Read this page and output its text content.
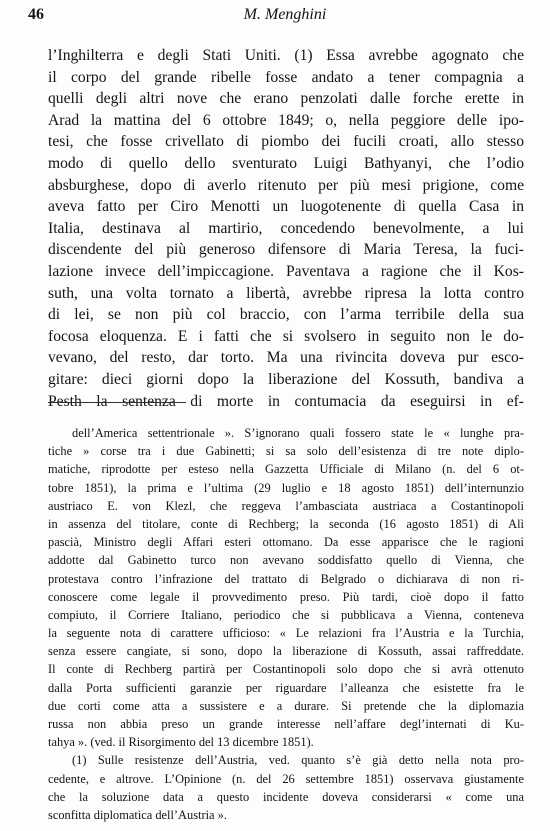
46	M. Menghini
l’Inghilterra e degli Stati Uniti. (1) Essa avrebbe agognato che
il corpo del grande ribelle fosse andato a tener compagnia a
quelli degli altri nove che erano penzolati dalle forche erette in
Arad la mattina del 6 ottobre 1849; o, nella peggiore delle ipo-
tesi, che fosse crivellato di piombo dei fucili croati, allo stesso
modo di quello dello sventurato Luigi Bathyanyi, che l’odio
absburghese, dopo di averlo ritenuto per più mesi prigione, come
aveva fatto per Ciro Menotti un luogotenente di quella Casa in
Italia, destinava al martirio, concedendo benevolmente, a lui
discendente del più generoso difensore di Maria Teresa, la fuci-
lazione invece dell’impiccagione. Paventava a ragione che il Kos-
suth, una volta tornato a libertà, avrebbe ripresa la lotta contro
di lei, se non più col braccio, con l’arma terribile della sua
focosa eloquenza. E i fatti che si svolsero in seguito non le do-
vevano, del resto, dar torto. Ma una rivincita doveva pur esco-
gitare: dieci giorni dopo la liberazione del Kossuth, bandiva a
Pesth la sentenza di morte in contumacia da eseguirsi in ef-
dell’America settentrionale ». S’ignorano quali fossero state le « lunghe pra-
tiche » corse tra i due Gabinetti; si sa solo dell’esistenza di tre note diplo-
matiche, riprodotte per esteso nella Gazzetta Ufficiale di Milano (n. del 6 ot-
tobre 1851), la prima e l’ultima (29 luglio e 18 agosto 1851) dell’internunzio
austriaco E. von Klezl, che reggeva l’ambasciata austriaca a Costantinopoli
in assenza del titolare, conte di Rechberg; la seconda (16 agosto 1851) di Alì
pascià, Ministro degli Affari esteri ottomano. Da esse apparisce che le ragioni
addotte dal Gabinetto turco non avevano soddisfatto quello di Vienna, che
protestava contro l’infrazione del trattato di Belgrado o dichiarava di non ri-
conoscere come legale il provvedimento preso. Più tardi, cioè dopo il fatto
compiuto, il Corriere Italiano, periodico che si pubblicava a Vienna, conteneva
la seguente nota di carattere ufficioso: « Le relazioni fra l’Austria e la Turchia,
senza essere cangiate, si sono, dopo la liberazione di Kossuth, assai raffreddate.
Il conte di Rechberg partirà per Costantinopoli solo dopo che si avrà ottenuto
dalla Porta sufficienti garanzie per riguardare l’alleanza che esistette fra le
due corti come atta a sussistere e a durare. Si pretende che la diplomazia
russa non abbia preso un grande interesse nell’affare degl’internati di Ku-
tahya ». (ved. il Risorgimento del 13 dicembre 1851).
(1) Sulle resistenze dell’Austria, ved. quanto s’è già detto nella nota pro-
cedente, e altrove. L’Opinione (n. del 26 settembre 1851) osservava giustamente
che la soluzione data a questo incidente doveva considerarsi « come una
sconfitta diplomatica dell’Austria ».
